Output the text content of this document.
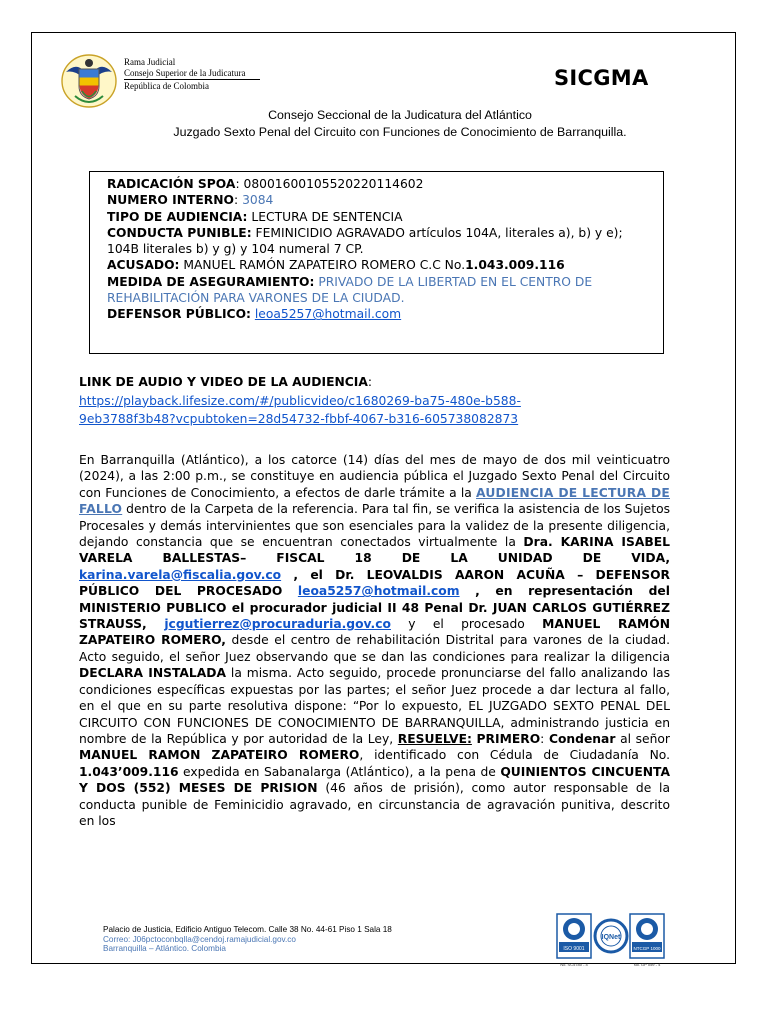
Rama Judicial
Consejo Superior de la Judicatura
República de Colombia	SICGMA
Consejo Seccional de la Judicatura del Atlántico
Juzgado Sexto Penal del Circuito con Funciones de Conocimiento de Barranquilla.
RADICACIÓN SPOA: 08001600105520220114602
NUMERO INTERNO: 3084
TIPO DE AUDIENCIA: LECTURA DE SENTENCIA
CONDUCTA PUNIBLE: FEMINICIDIO AGRAVADO artículos 104A, literales a), b) y e); 104B literales b) y g) y 104 numeral 7 CP.
ACUSADO: MANUEL RAMÓN ZAPATEIRO ROMERO C.C No.1.043.009.116
MEDIDA DE ASEGURAMIENTO: PRIVADO DE LA LIBERTAD EN EL CENTRO DE REHABILITACIÓN PARA VARONES DE LA CIUDAD.
DEFENSOR PÚBLICO: leoa5257@hotmail.com
LINK DE AUDIO Y VIDEO DE LA AUDIENCIA:
https://playback.lifesize.com/#/publicvideo/c1680269-ba75-480e-b588-
9eb3788f3b48?vcpubtoken=28d54732-fbbf-4067-b316-605738082873
En Barranquilla (Atlántico), a los catorce (14) días del mes de mayo de dos mil veinticuatro (2024), a las 2:00 p.m., se constituye en audiencia pública el Juzgado Sexto Penal del Circuito con Funciones de Conocimiento, a efectos de darle trámite a la AUDIENCIA DE LECTURA DE FALLO dentro de la Carpeta de la referencia. Para tal fin, se verifica la asistencia de los Sujetos Procesales y demás intervinientes que son esenciales para la validez de la presente diligencia, dejando constancia que se encuentran conectados virtualmente la Dra. KARINA ISABEL VARELA BALLESTAS– FISCAL 18 DE LA UNIDAD DE VIDA, karina.varela@fiscalia.gov.co , el Dr. LEOVALDIS AARON ACUÑA – DEFENSOR PÚBLICO DEL PROCESADO leoa5257@hotmail.com , en representación del MINISTERIO PUBLICO el procurador judicial II 48 Penal Dr. JUAN CARLOS GUTIÉRREZ STRAUSS, jcgutierrez@procuraduria.gov.co y el procesado MANUEL RAMÓN ZAPATEIRO ROMERO, desde el centro de rehabilitación Distrital para varones de la ciudad. Acto seguido, el señor Juez observando que se dan las condiciones para realizar la diligencia DECLARA INSTALADA la misma. Acto seguido, procede pronunciarse del fallo analizando las condiciones específicas expuestas por las partes; el señor Juez procede a dar lectura al fallo, en el que en su parte resolutiva dispone: “Por lo expuesto, EL JUZGADO SEXTO PENAL DEL CIRCUITO CON FUNCIONES DE CONOCIMIENTO DE BARRANQUILLA, administrando justicia en nombre de la República y por autoridad de la Ley, RESUELVE: PRIMERO: Condenar al señor MANUEL RAMON ZAPATEIRO ROMERO, identificado con Cédula de Ciudadanía No. 1.043’009.116 expedida en Sabanalarga (Atlántico), a la pena de QUINIENTOS CINCUENTA Y DOS (552) MESES DE PRISION (46 años de prisión), como autor responsable de la conducta punible de Feminicidio agravado, en circunstancia de agravación punitiva, descrito en los
Palacio de Justicia, Edificio Antiguo Telecom. Calle 38 No. 44-61 Piso 1 Sala 18
Correo: J06pctoconbqlla@cendoj.ramajudicial.gov.co
Barranquilla – Atlántico. Colombia	ISO 9001
No. SC5780 - 4
IQNet
NTCGP 1000
No. GP 059 - 4
